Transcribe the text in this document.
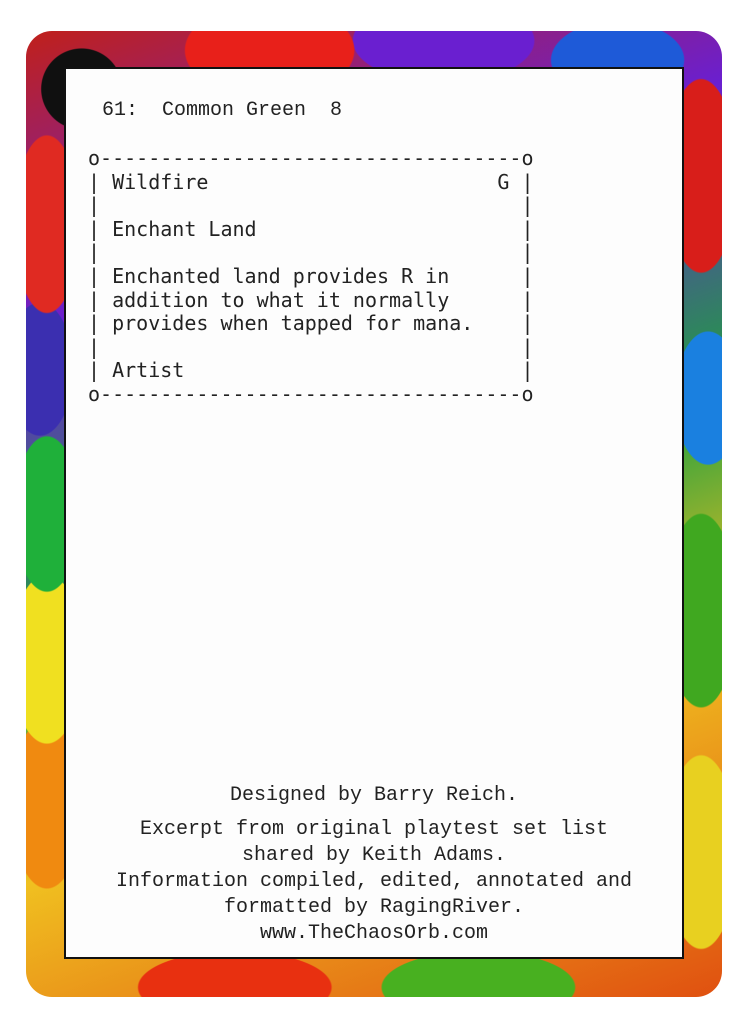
61:  Common Green  8
o-----------------------------------o
| Wildfire                        G |
|                                   |
| Enchant Land                      |
|                                   |
| Enchanted land provides R in      |
| addition to what it normally      |
| provides when tapped for mana.    |
|                                   |
| Artist                            |
o-----------------------------------o
Designed by Barry Reich.
Excerpt from original playtest set list
shared by Keith Adams.
Information compiled, edited, annotated and
formatted by RagingRiver.
www.TheChaosOrb.com
